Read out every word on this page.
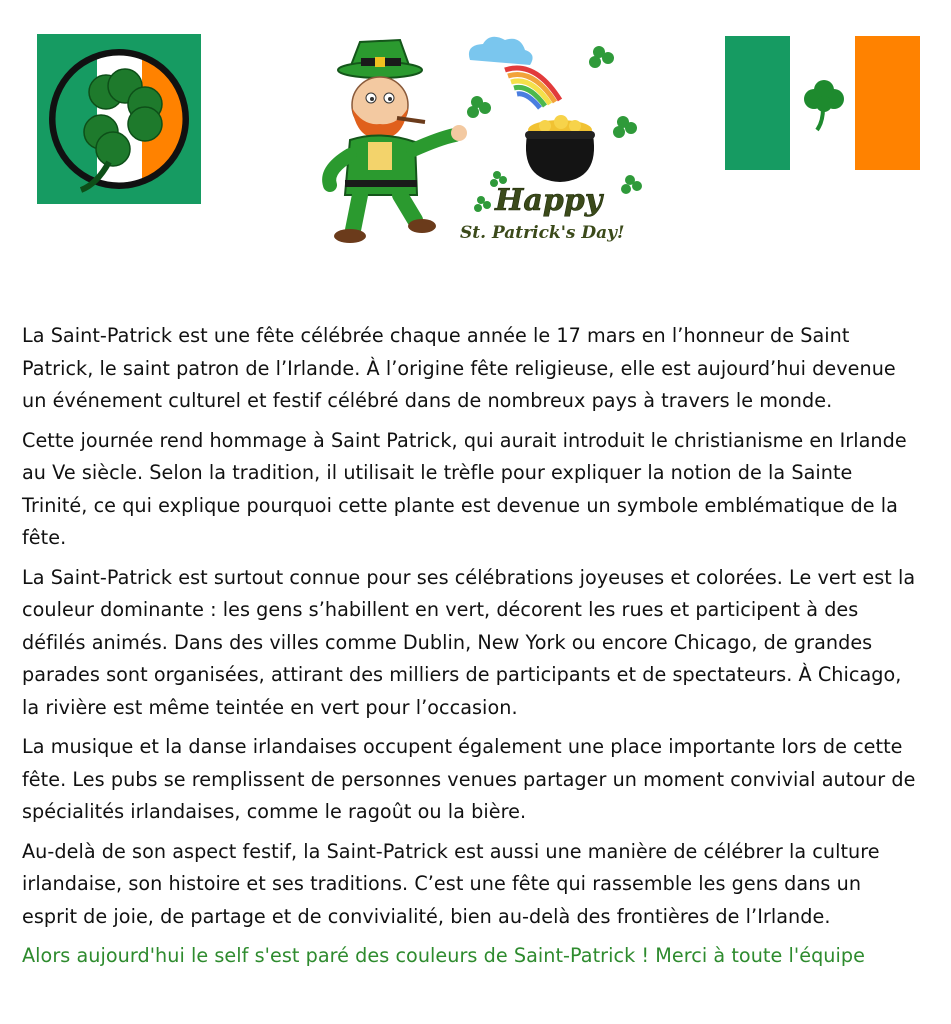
Happy
St. Patrick's Day!

La Saint-Patrick est une fête célébrée chaque année le 17 mars en l’honneur de Saint Patrick, le saint patron de l’Irlande. À l’origine fête religieuse, elle est aujourd’hui devenue un événement culturel et festif célébré dans de nombreux pays à travers le monde.

Cette journée rend hommage à Saint Patrick, qui aurait introduit le christianisme en Irlande au Ve siècle. Selon la tradition, il utilisait le trèfle pour expliquer la notion de la Sainte Trinité, ce qui explique pourquoi cette plante est devenue un symbole emblématique de la fête.

La Saint-Patrick est surtout connue pour ses célébrations joyeuses et colorées. Le vert est la couleur dominante : les gens s’habillent en vert, décorent les rues et participent à des défilés animés. Dans des villes comme Dublin, New York ou encore Chicago, de grandes parades sont organisées, attirant des milliers de participants et de spectateurs. À Chicago, la rivière est même teintée en vert pour l’occasion.

La musique et la danse irlandaises occupent également une place importante lors de cette fête. Les pubs se remplissent de personnes venues partager un moment convivial autour de spécialités irlandaises, comme le ragoût ou la bière.

Au-delà de son aspect festif, la Saint-Patrick est aussi une manière de célébrer la culture irlandaise, son histoire et ses traditions. C’est une fête qui rassemble les gens dans un esprit de joie, de partage et de convivialité, bien au-delà des frontières de l’Irlande.

Alors aujourd'hui le self s'est paré des couleurs de Saint-Patrick ! Merci à toute l'équipe
